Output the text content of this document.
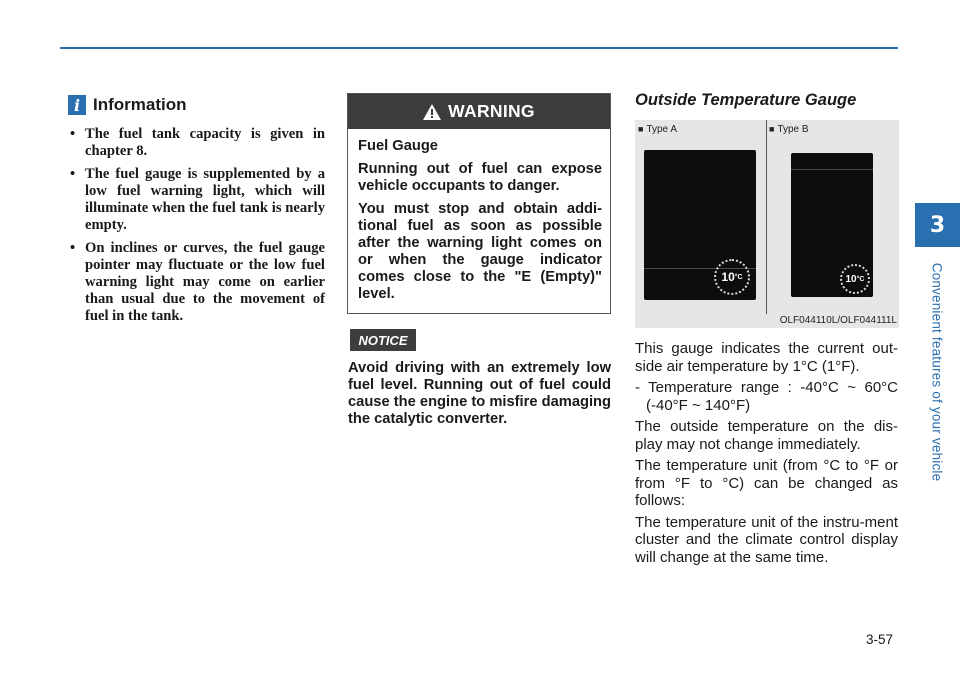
3
Convenient features of your vehicle
i Information
• The fuel tank capacity is given in chapter 8.
• The fuel gauge is supplemented by a low fuel warning light, which will illuminate when the fuel tank is nearly empty.
• On inclines or curves, the fuel gauge pointer may fluctuate or the low fuel warning light may come on earlier than usual due to the movement of fuel in the tank.
WARNING

Fuel Gauge

Running out of fuel can expose vehicle occupants to danger.

You must stop and obtain addi-tional fuel as soon as possible after the warning light comes on or when the gauge indicator comes close to the "E (Empty)" level.

NOTICE

Avoid driving with an extremely low fuel level. Running out of fuel could cause the engine to misfire damaging the catalytic converter.

Outside Temperature Gauge
■ Type A
10 °C
■ Type B
10 °C
OLF044110L/OLF044111L

This gauge indicates the current out-side air temperature by 1°C (1°F).

- Temperature range : -40°C ~ 60°C (-40°F ~ 140°F)

The outside temperature on the dis-play may not change immediately.

The temperature unit (from °C to °F or from °F to °C) can be changed as follows:

The temperature unit of the instru-ment cluster and the climate control display will change at the same time.

3-57
